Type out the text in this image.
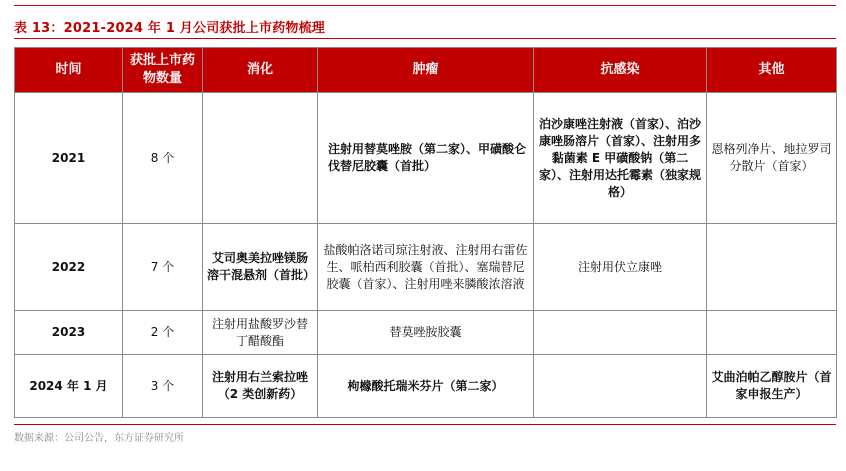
表 13：2021-2024 年 1 月公司获批上市药物梳理
时间	获批上市药物数量	消化	肿瘤	抗感染	其他
2021	8 个		注射用替莫唑胺（第二家）、甲磺酸仑伐替尼胶囊（首批）	泊沙康唑注射液（首家）、泊沙康唑肠溶片（首家）、注射用多黏菌素 E 甲磺酸钠（第二家）、注射用达托霉素（独家规格）	恩格列净片、地拉罗司分散片（首家）
2022	7 个	艾司奥美拉唑镁肠溶干混悬剂（首批）	盐酸帕洛诺司琼注射液、注射用右雷佐生、哌柏西利胶囊（首批）、塞瑞替尼胶囊（首家）、注射用唑来膦酸浓溶液	注射用伏立康唑	
2023	2 个	注射用盐酸罗沙替丁醋酸酯	替莫唑胺胶囊		
2024 年 1 月	3 个	注射用右兰索拉唑（2 类创新药）	枸橼酸托瑞米芬片（第二家）		艾曲泊帕乙醇胺片（首家申报生产）
数据来源：公司公告，东方证券研究所
